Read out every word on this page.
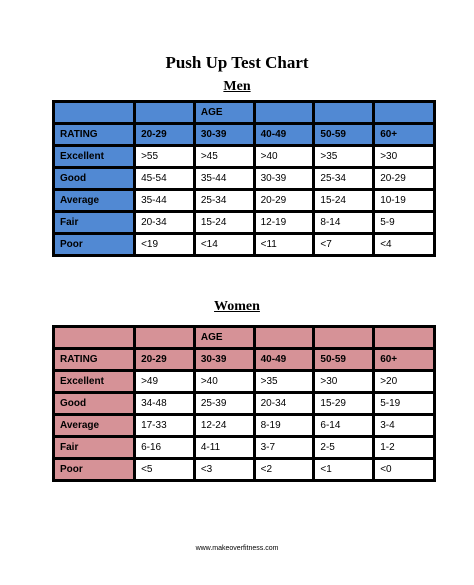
Push Up Test Chart
Men
		AGE			
RATING	20-29	30-39	40-49	50-59	60+
Excellent	>55	>45	>40	>35	>30
Good	45-54	35-44	30-39	25-34	20-29
Average	35-44	25-34	20-29	15-24	10-19
Fair	20-34	15-24	12-19	8-14	5-9
Poor	<19	<14	<11	<7	<4
Women
		AGE			
RATING	20-29	30-39	40-49	50-59	60+
Excellent	>49	>40	>35	>30	>20
Good	34-48	25-39	20-34	15-29	5-19
Average	17-33	12-24	8-19	6-14	3-4
Fair	6-16	4-11	3-7	2-5	1-2
Poor	<5	<3	<2	<1	<0
www.makeoverfitness.com
